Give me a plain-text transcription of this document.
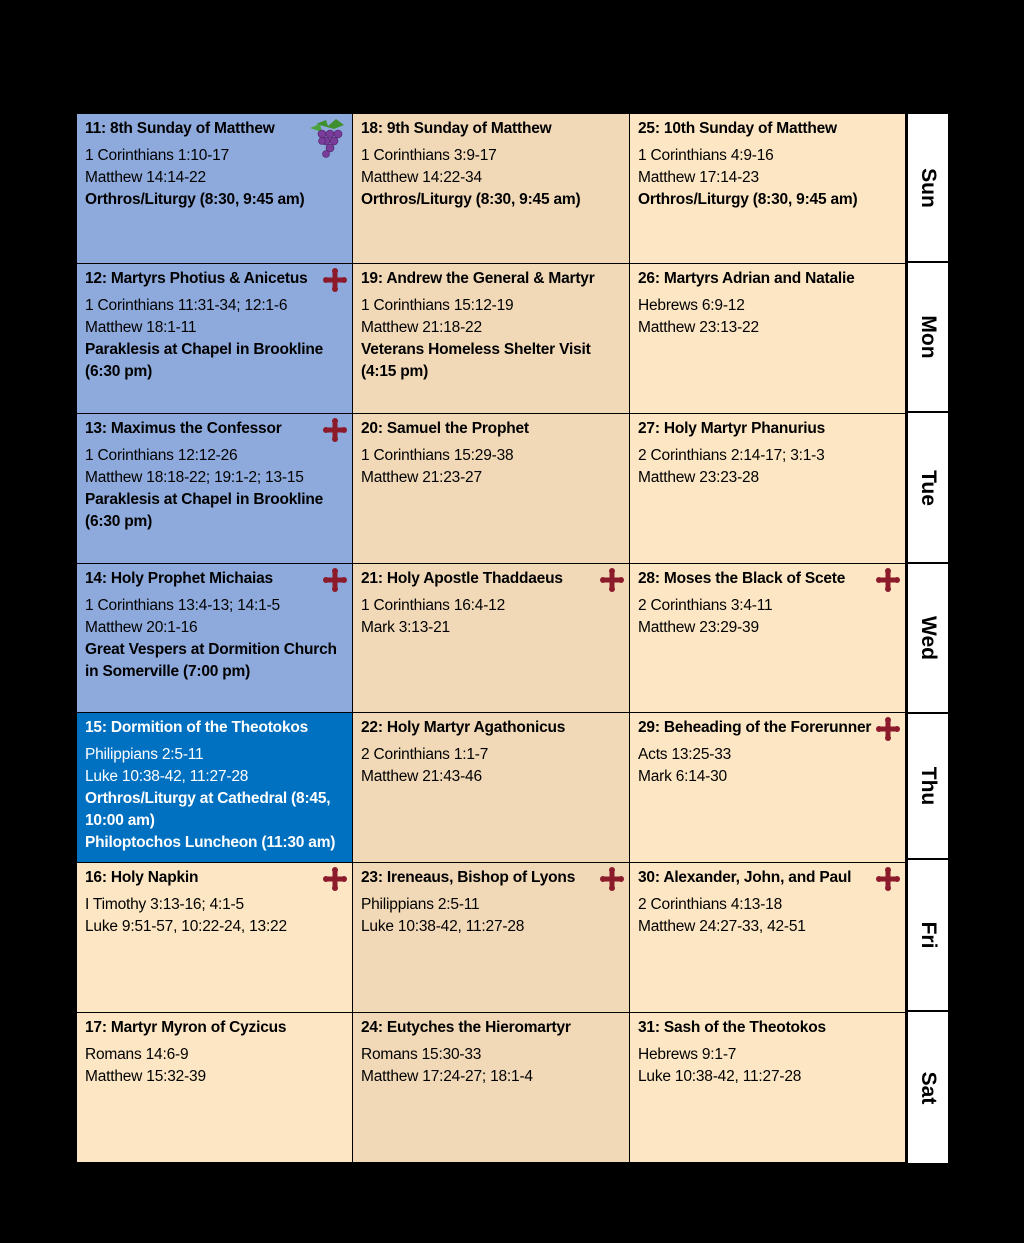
11: 8th Sunday of Matthew
1 Corinthians 1:10-17
Matthew 14:14-22
Orthros/Liturgy (8:30, 9:45 am)
18: 9th Sunday of Matthew
1 Corinthians 3:9-17
Matthew 14:22-34
Orthros/Liturgy (8:30, 9:45 am)
25: 10th Sunday of Matthew
1 Corinthians 4:9-16
Matthew 17:14-23
Orthros/Liturgy (8:30, 9:45 am)
12: Martyrs Photius & Anicetus
1 Corinthians 11:31-34; 12:1-6
Matthew 18:1-11
Paraklesis at Chapel in Brookline (6:30 pm)
19: Andrew the General & Martyr
1 Corinthians 15:12-19
Matthew 21:18-22
Veterans Homeless Shelter Visit (4:15 pm)
26: Martyrs Adrian and Natalie
Hebrews 6:9-12
Matthew 23:13-22
13: Maximus the Confessor
1 Corinthians 12:12-26
Matthew 18:18-22; 19:1-2; 13-15
Paraklesis at Chapel in Brookline (6:30 pm)
20: Samuel the Prophet
1 Corinthians 15:29-38
Matthew 21:23-27
27: Holy Martyr Phanurius
2 Corinthians 2:14-17; 3:1-3
Matthew 23:23-28
14: Holy Prophet Michaias
1 Corinthians 13:4-13; 14:1-5
Matthew 20:1-16
Great Vespers at Dormition Church in Somerville (7:00 pm)
21: Holy Apostle Thaddaeus
1 Corinthians 16:4-12
Mark 3:13-21
28: Moses the Black of Scete
2 Corinthians 3:4-11
Matthew 23:29-39
15: Dormition of the Theotokos
Philippians 2:5-11
Luke 10:38-42, 11:27-28
Orthros/Liturgy at Cathedral (8:45, 10:00 am)
Philoptochos Luncheon (11:30 am)
22: Holy Martyr Agathonicus
2 Corinthians 1:1-7
Matthew 21:43-46
29: Beheading of the Forerunner
Acts 13:25-33
Mark 6:14-30
16: Holy Napkin
I Timothy 3:13-16; 4:1-5
Luke 9:51-57, 10:22-24, 13:22
23: Ireneaus, Bishop of Lyons
Philippians 2:5-11
Luke 10:38-42, 11:27-28
30: Alexander, John, and Paul
2 Corinthians 4:13-18
Matthew 24:27-33, 42-51
17: Martyr Myron of Cyzicus
Romans 14:6-9
Matthew 15:32-39
24: Eutyches the Hieromartyr
Romans 15:30-33
Matthew 17:24-27; 18:1-4
31: Sash of the Theotokos
Hebrews 9:1-7
Luke 10:38-42, 11:27-28
Sun
Mon
Tue
Wed
Thu
Fri
Sat
